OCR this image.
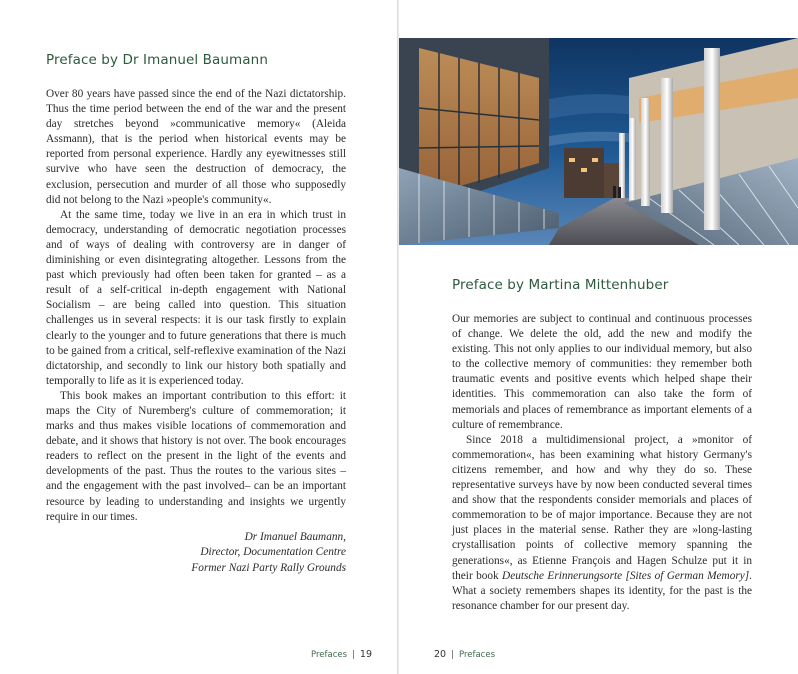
Preface by Dr Imanuel Baumann

Over 80 years have passed since the end of the Nazi dictatorship. Thus the time period between the end of the war and the present day stretches beyond »communicative memory« (Aleida Assmann), that is the period when historical events may be reported from personal experience. Hardly any eyewitnesses still survive who have seen the destruction of democracy, the exclusion, persecution and murder of all those who supposedly did not belong to the Nazi »people's community«.

At the same time, today we live in an era in which trust in democracy, understanding of democratic negotiation processes and of ways of dealing with controversy are in danger of diminishing or even disintegrating altogether. Lessons from the past which previously had often been taken for granted – as a result of a self-critical in-depth engagement with National Socialism – are being called into question. This situation challenges us in several respects: it is our task firstly to explain clearly to the younger and to future generations that there is much to be gained from a critical, self-reflexive examination of the Nazi dictatorship, and secondly to link our history both spatially and temporally to life as it is experienced today.

This book makes an important contribution to this effort: it maps the City of Nuremberg's culture of commemoration; it marks and thus makes visible locations of commemoration and debate, and it shows that history is not over. The book encourages readers to reflect on the present in the light of the events and developments of the past. Thus the routes to the various sites – and the engagement with the past involved– can be an important resource by leading to understanding and insights we urgently require in our times.

Dr Imanuel Baumann,
Director, Documentation Centre
Former Nazi Party Rally Grounds
Prefaces | 19
Preface by Martina Mittenhuber

Our memories are subject to continual and continuous processes of change. We delete the old, add the new and modify the existing. This not only applies to our individual memory, but also to the collective memory of communities: they remember both traumatic events and positive events which helped shape their identities. This commemoration can also take the form of memorials and places of remembrance as important elements of a culture of remembrance.

Since 2018 a multidimensional project, a »monitor of commemoration«, has been examining what history Germany's citizens remember, and how and why they do so. These representative surveys have by now been conducted several times and show that the respondents consider memorials and places of commemoration to be of major importance. Because they are not just places in the material sense. Rather they are »long-lasting crystallisation points of collective memory spanning the generations«, as Etienne François and Hagen Schulze put it in their book Deutsche Erinnerungsorte [Sites of German Memory]. What a society remembers shapes its identity, for the past is the resonance chamber for our present day.

20 | Prefaces
